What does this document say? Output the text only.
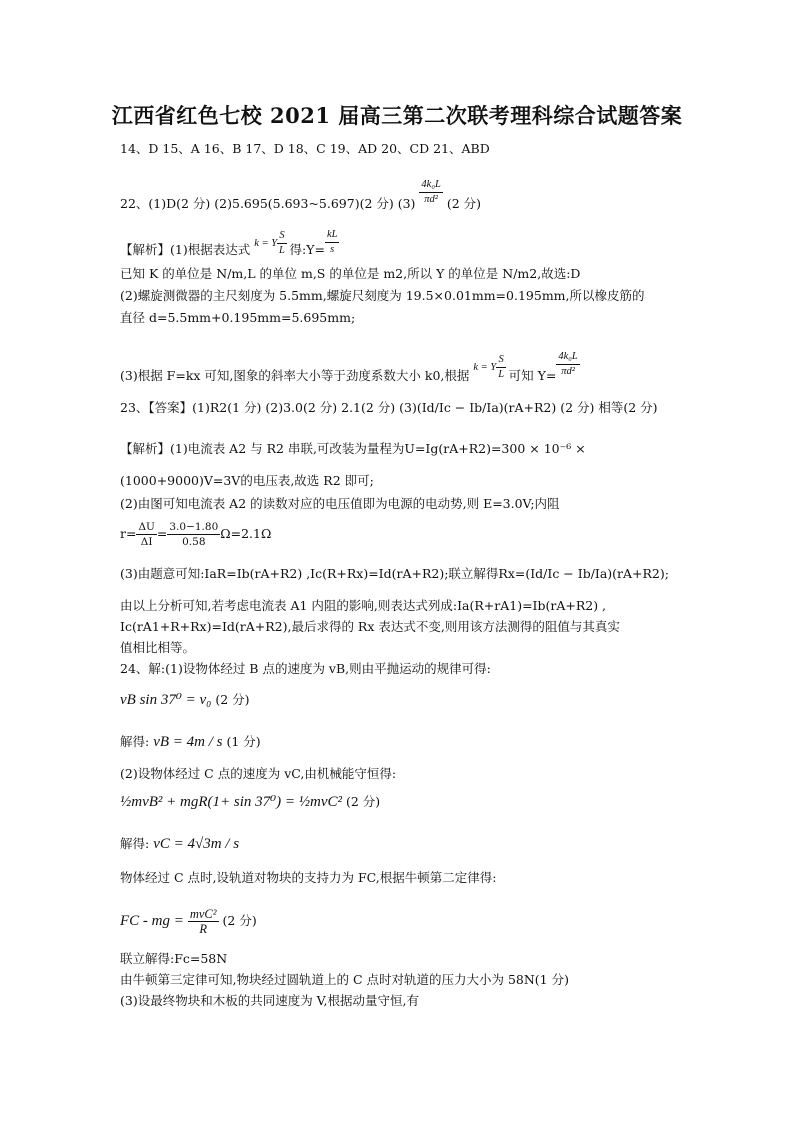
江西省红色七校 2021 届高三第二次联考理科综合试题答案
14、D 15、A 16、B 17、D 18、C 19、AD 20、CD 21、ABD
22、(1)D(2 分) (2)5.695(5.693~5.697)(2 分) $(3) \frac{\text{4k₀L}}{\text{πd²}} (2$ 分)
【解析】(1)根据表达式 $^{k = Y \frac{S}{L}}$ 得:Y= $\frac{kL}{s}$
已知 K 的单位是 N/m,L 的单位 m,S 的单位是 m2,所以 Y 的单位是 N/m2,故选:D
(2)螺旋测微器的主尺刻度为 5.5mm,螺旋尺刻度为 19.5×0.01mm=0.195mm,所以橡皮筋的
直径 d=5.5mm+0.195mm=5.695mm;
(3)根据 F=kx 可知,图象的斜率大小等于劲度系数大小 k0,根据 $^{k = Y \frac{S}{L}}$ 可知 $Y= \frac{\text{4k₀L}}{\text{πd²}}$
23、【答案】(1)R2(1 分) (2)3.0(2 分) 2.1(2 分) (3)(Id/Ic − Ib/Ia)(rA+R2) (2 分) 相等(2 分)
【解析】(1)电流表 A2 与 R2 串联,可改装为量程为U=Ig(rA+R2)=300 × 10⁻⁶ ×
(1000+9000)V=3V的电压表,故选 R2 即可;
(2)由图可知电流表 A2 的读数对应的电压值即为电源的电动势,则 E=3.0V;内阻
$r= \frac{\Delta U}{\Delta I} = \frac{3.0-1.80}{0.58} \Omega=2.1\Omega$
(3)由题意可知:IaR=Ib(rA+R2) ,Ic(R+Rx)=Id(rA+R2);联立解得Rx=(Id/Ic − Ib/Ia)(rA+R2);
由以上分析可知,若考虑电流表 A1 内阻的影响,则表达式列成:Ia(R+rA1)=Ib(rA+R2) ,
Ic(rA1+R+Rx)=Id(rA+R2),最后求得的 Rx 表达式不变,则用该方法测得的阻值与其真实
值相比相等。
24、解:(1)设物体经过 B 点的速度为 vB,则由平抛运动的规律可得:
vB sin 37⁰ = v₀ (2 分)
解得: vB = 4m / s (1 分)
(2)设物体经过 C 点的速度为 vC,由机械能守恒得:
½mvB² + mgR(1+ sin 37⁰) = ½mvC² (2 分)
解得: vC = 4√3m / s
物体经过 C 点时,设轨道对物块的支持力为 FC,根据牛顿第二定律得:
FC - mg = $\frac{\text{mvC²}}{R} (2$ 分)
联立解得:Fc=58N
由牛顿第三定律可知,物块经过圆轨道上的 C 点时对轨道的压力大小为 58N(1 分)
(3)设最终物块和木板的共同速度为 V,根据动量守恒,有
